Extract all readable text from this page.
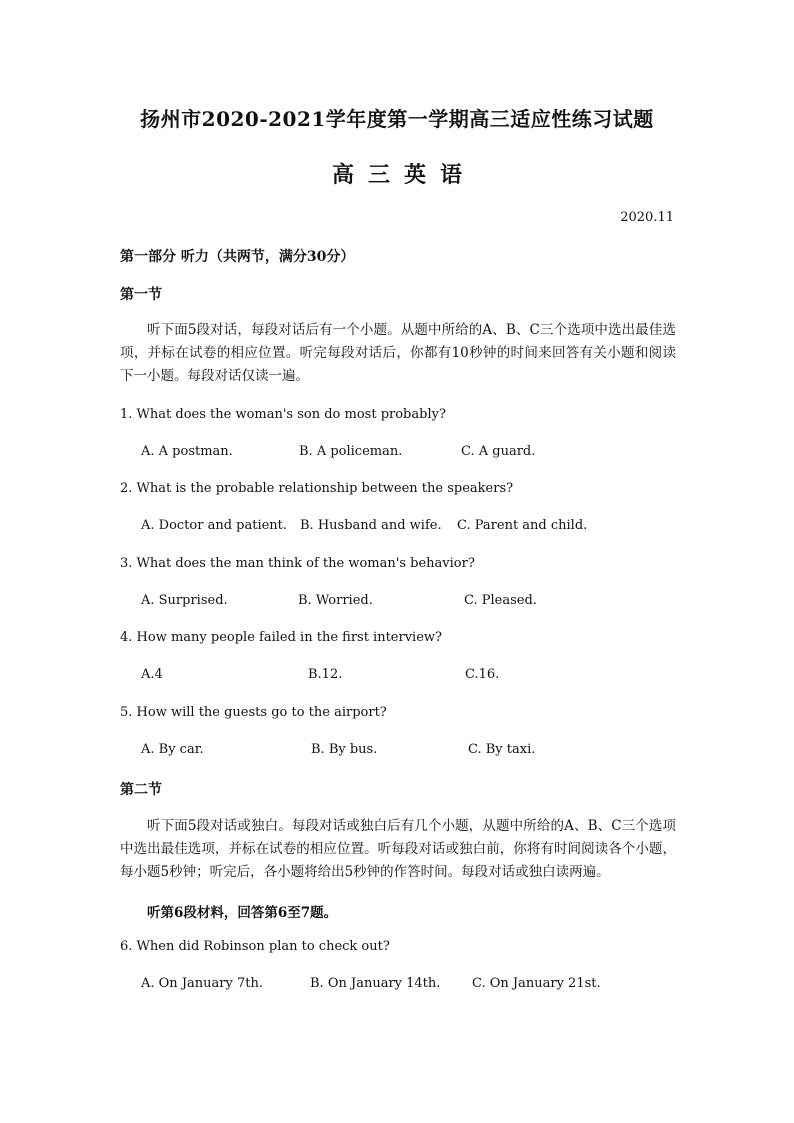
扬州市2020-2021学年度第一学期高三适应性练习试题
高三英语
2020.11
第一部分 听力（共两节，满分30分）
第一节
听下面5段对话，每段对话后有一个小题。从题中所给的A、B、C三个选项中选出最佳选项，并标在试卷的相应位置。听完每段对话后，你都有10秒钟的时间来回答有关小题和阅读下一小题。每段对话仅读一遍。
1. What does the woman's son do most probably?
A. A postman.	B. A policeman.	C. A guard.
2. What is the probable relationship between the speakers?
A. Doctor and patient. B. Husband and wife. C. Parent and child.
3. What does the man think of the woman's behavior?
A. Surprised.	B. Worried.	C. Pleased.
4. How many people failed in the first interview?
A.4	B.12.	C.16.
5. How will the guests go to the airport?
A. By car.	B. By bus.	C. By taxi.
第二节
听下面5段对话或独白。每段对话或独白后有几个小题，从题中所给的A、B、C三个选项中选出最佳选项，并标在试卷的相应位置。听每段对话或独白前，你将有时间阅读各个小题，每小题5秒钟；听完后，各小题将给出5秒钟的作答时间。每段对话或独白读两遍。
听第6段材料，回答第6至7题。
6. When did Robinson plan to check out?
A. On January 7th.	B. On January 14th. C. On January 21st.
